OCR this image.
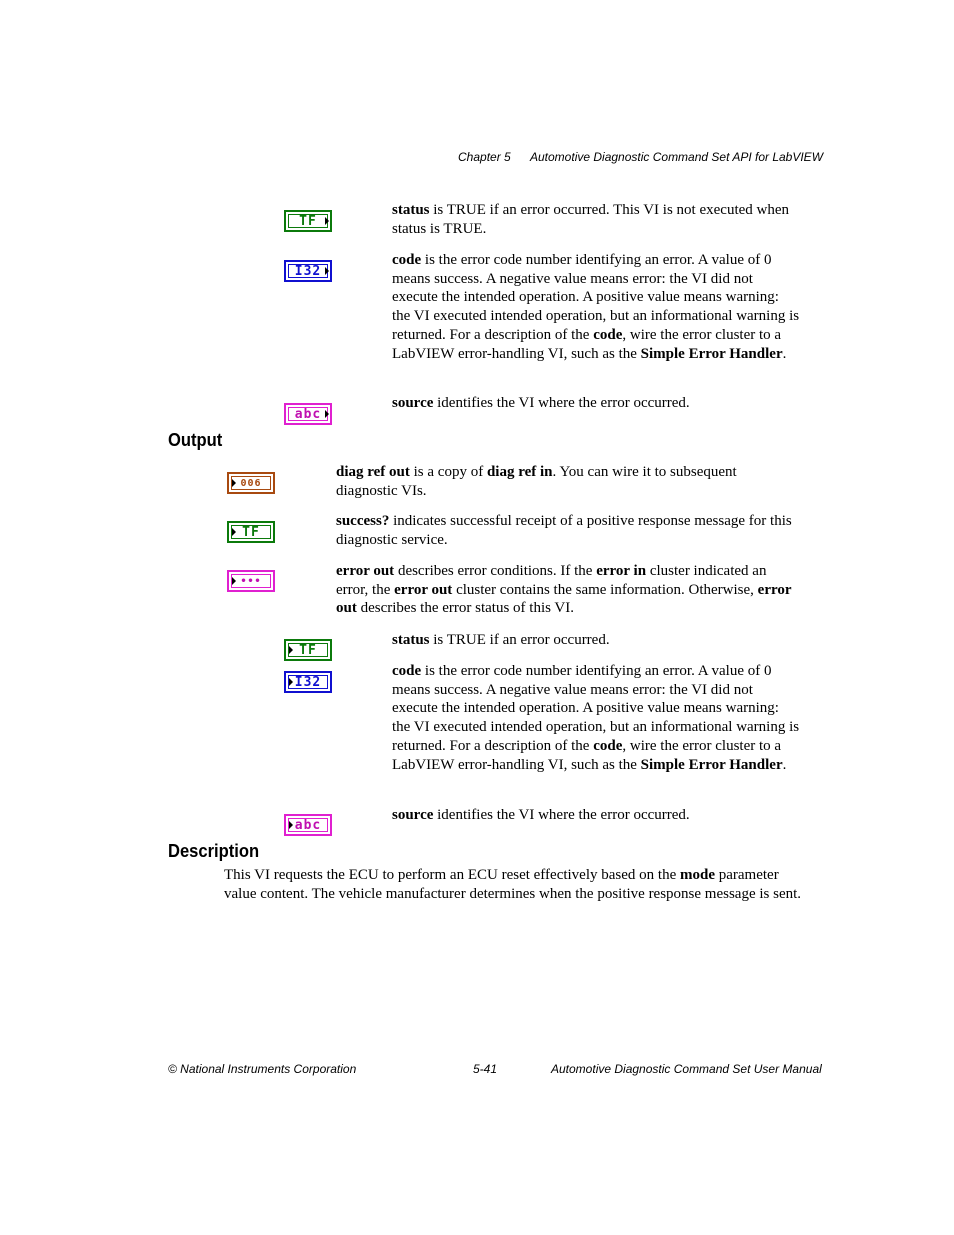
Chapter 5 Automotive Diagnostic Command Set API for LabVIEW
TF

status is TRUE if an error occurred. This VI is not executed when status is TRUE.

I32

code is the error code number identifying an error. A value of 0 means success. A negative value means error: the VI did not execute the intended operation. A positive value means warning: the VI executed intended operation, but an informational warning is returned. For a description of the code, wire the error cluster to a LabVIEW error-handling VI, such as the Simple Error Handler.

abc

source identifies the VI where the error occurred.

Output
006

diag ref out is a copy of diag ref in. You can wire it to subsequent diagnostic VIs.

TF

success? indicates successful receipt of a positive response message for this diagnostic service.

•••

error out describes error conditions. If the error in cluster indicated an error, the error out cluster contains the same information. Otherwise, error out describes the error status of this VI.

TF

status is TRUE if an error occurred.

I32

code is the error code number identifying an error. A value of 0 means success. A negative value means error: the VI did not execute the intended operation. A positive value means warning: the VI executed intended operation, but an informational warning is returned. For a description of the code, wire the error cluster to a LabVIEW error-handling VI, such as the Simple Error Handler.

abc

source identifies the VI where the error occurred.

Description

This VI requests the ECU to perform an ECU reset effectively based on the mode parameter value content. The vehicle manufacturer determines when the positive response message is sent.

© National Instruments Corporation	5-41	Automotive Diagnostic Command Set User Manual
